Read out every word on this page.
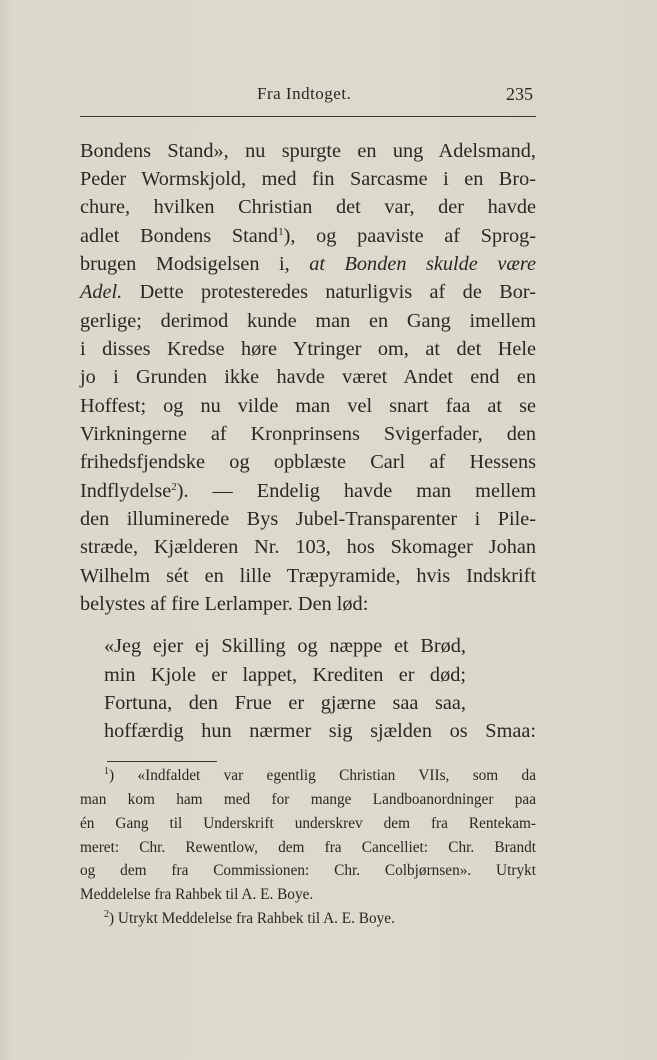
Fra Indtoget.	235
Bondens Stand», nu spurgte en ung Adelsmand,
Peder Wormskjold, med fin Sarcasme i en Bro-
chure, hvilken Christian det var, der havde
adlet Bondens Stand$^1$), og paaviste af Sprog-
brugen Modsigelsen i, at Bonden skulde være
Adel. Dette protesteredes naturligvis af de Bor-
gerlige; derimod kunde man en Gang imellem
i disses Kredse høre Ytringer om, at det Hele
jo i Grunden ikke havde været Andet end en
Hoffest; og nu vilde man vel snart faa at se
Virkningerne af Kronprinsens Svigerfader, den
frihedsfjendske og opblæste Carl af Hessens
Indflydelse$^2$). — Endelig havde man mellem
den illuminerede Bys Jubel-Transparenter i Pile-
stræde, Kjælderen Nr. 103, hos Skomager Johan
Wilhelm sét en lille Træpyramide, hvis Indskrift
belystes af fire Lerlamper. Den lød:
«Jeg ejer ej Skilling og næppe et Brød,
min Kjole er lappet, Krediten er død;
Fortuna, den Frue er gjærne saa saa,
hoffærdig hun nærmer sig sjælden os Smaa:
$^1$) «Indfaldet var egentlig Christian VIIs, som da
man kom ham med for mange Landboanordninger paa
én Gang til Underskrift underskrev dem fra Rentekam-
meret: Chr. Rewentlow, dem fra Cancelliet: Chr. Brandt
og dem fra Commissionen: Chr. Colbjørnsen». Utrykt
Meddelelse fra Rahbek til A. E. Boye.
$^2$) Utrykt Meddelelse fra Rahbek til A. E. Boye.
